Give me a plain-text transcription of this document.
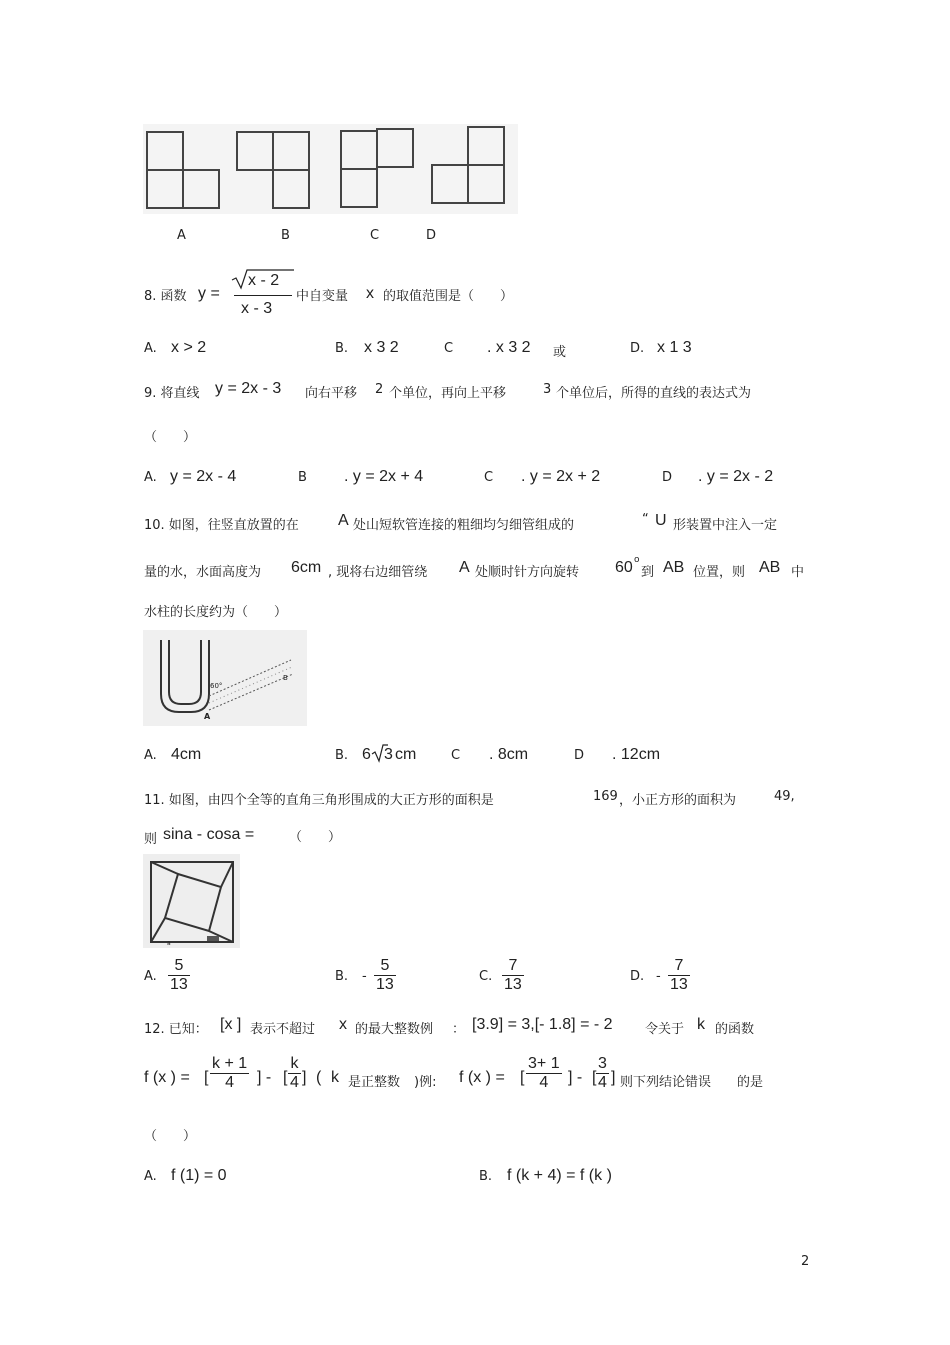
A	B	C	D
8. 函数 y =
x - 2
x - 3
中自变量 x 的取值范围是（　　）
A. x > 2	B. x 3 2	C . x 3 2 或	D. x 1 3
9. 将直线 y = 2x - 3 向右平移 2 个单位，再向上平移	3 个单位后，所得的直线的表达式为
（　　）
A. y = 2x - 4	B . y = 2x + 4	C . y = 2x + 2	D . y = 2x - 2
10. 如图，往竖直放置的在 A 处山短软管连接的粗细均匀细管组成的	“ U 形装置中注入一定
量的水，水面高度为 6cm , 现将右边细管绕 A 处顺时针方向旋转 60 o
到 AB 位置，则 AB 中
水柱的长度约为（　　）
60°
A
B
A. 4cm	B. 6 3 cm	C . 8cm	D . 12cm
11. 如图，由四个全等的直角三角形围成的大正方形的面积是	169 ，小正方形的面积为	49,
则 sina - cosa =	（　　）
a
A. $\frac{5}{13}$	B. - $\frac{5}{13}$	C. $\frac{7}{13}$	D. - $\frac{7}{13}$
12. 已知： [x ] 表示不超过 x 的最大整数例 ： [3.9] = 3,[- 1.8] = - 2 令关于 k 的函数
f (x ) = [ $\frac{k + 1}{4}$ ] - [ $\frac{k}{4}$ ] ( k 是正整数 )例: f (x ) = [ $\frac{3+ 1}{4}$ ] - [ $\frac{3}{4}$ ] 则下列结论错误 的是
（　　）
A. f (1) = 0	B. f (k + 4) = f (k )
2
